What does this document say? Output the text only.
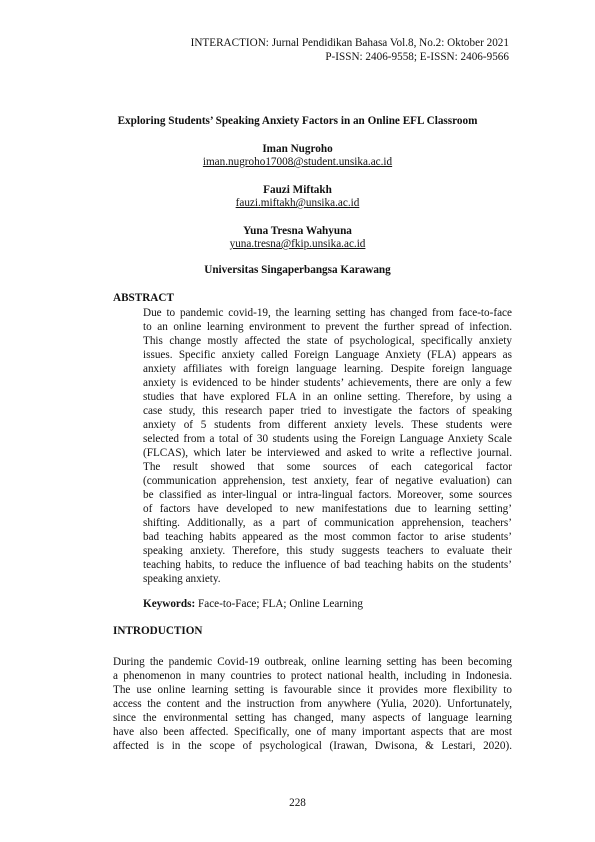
INTERACTION: Jurnal Pendidikan Bahasa Vol.8, No.2: Oktober 2021
P-ISSN: 2406-9558; E-ISSN: 2406-9566
Exploring Students’ Speaking Anxiety Factors in an Online EFL Classroom
Iman Nugroho
iman.nugroho17008@student.unsika.ac.id
Fauzi Miftakh
fauzi.miftakh@unsika.ac.id
Yuna Tresna Wahyuna
yuna.tresna@fkip.unsika.ac.id
Universitas Singaperbangsa Karawang
ABSTRACT
Due to pandemic covid-19, the learning setting has changed from face-to-face
to an online learning environment to prevent the further spread of infection.
This change mostly affected the state of psychological, specifically anxiety
issues. Specific anxiety called Foreign Language Anxiety (FLA) appears as
anxiety affiliates with foreign language learning. Despite foreign language
anxiety is evidenced to be hinder students’ achievements, there are only a few
studies that have explored FLA in an online setting. Therefore, by using a
case study, this research paper tried to investigate the factors of speaking
anxiety of 5 students from different anxiety levels. These students were
selected from a total of 30 students using the Foreign Language Anxiety Scale
(FLCAS), which later be interviewed and asked to write a reflective journal.
The result showed that some sources of each categorical factor
(communication apprehension, test anxiety, fear of negative evaluation) can
be classified as inter-lingual or intra-lingual factors. Moreover, some sources
of factors have developed to new manifestations due to learning setting’
shifting. Additionally, as a part of communication apprehension, teachers’
bad teaching habits appeared as the most common factor to arise students’
speaking anxiety. Therefore, this study suggests teachers to evaluate their
teaching habits, to reduce the influence of bad teaching habits on the students’
speaking anxiety.
Keywords: Face-to-Face; FLA; Online Learning
INTRODUCTION
During the pandemic Covid-19 outbreak, online learning setting has been becoming
a phenomenon in many countries to protect national health, including in Indonesia.
The use online learning setting is favourable since it provides more flexibility to
access the content and the instruction from anywhere (Yulia, 2020). Unfortunately,
since the environmental setting has changed, many aspects of language learning
have also been affected. Specifically, one of many important aspects that are most
affected is in the scope of psychological (Irawan, Dwisona, & Lestari, 2020).
228
